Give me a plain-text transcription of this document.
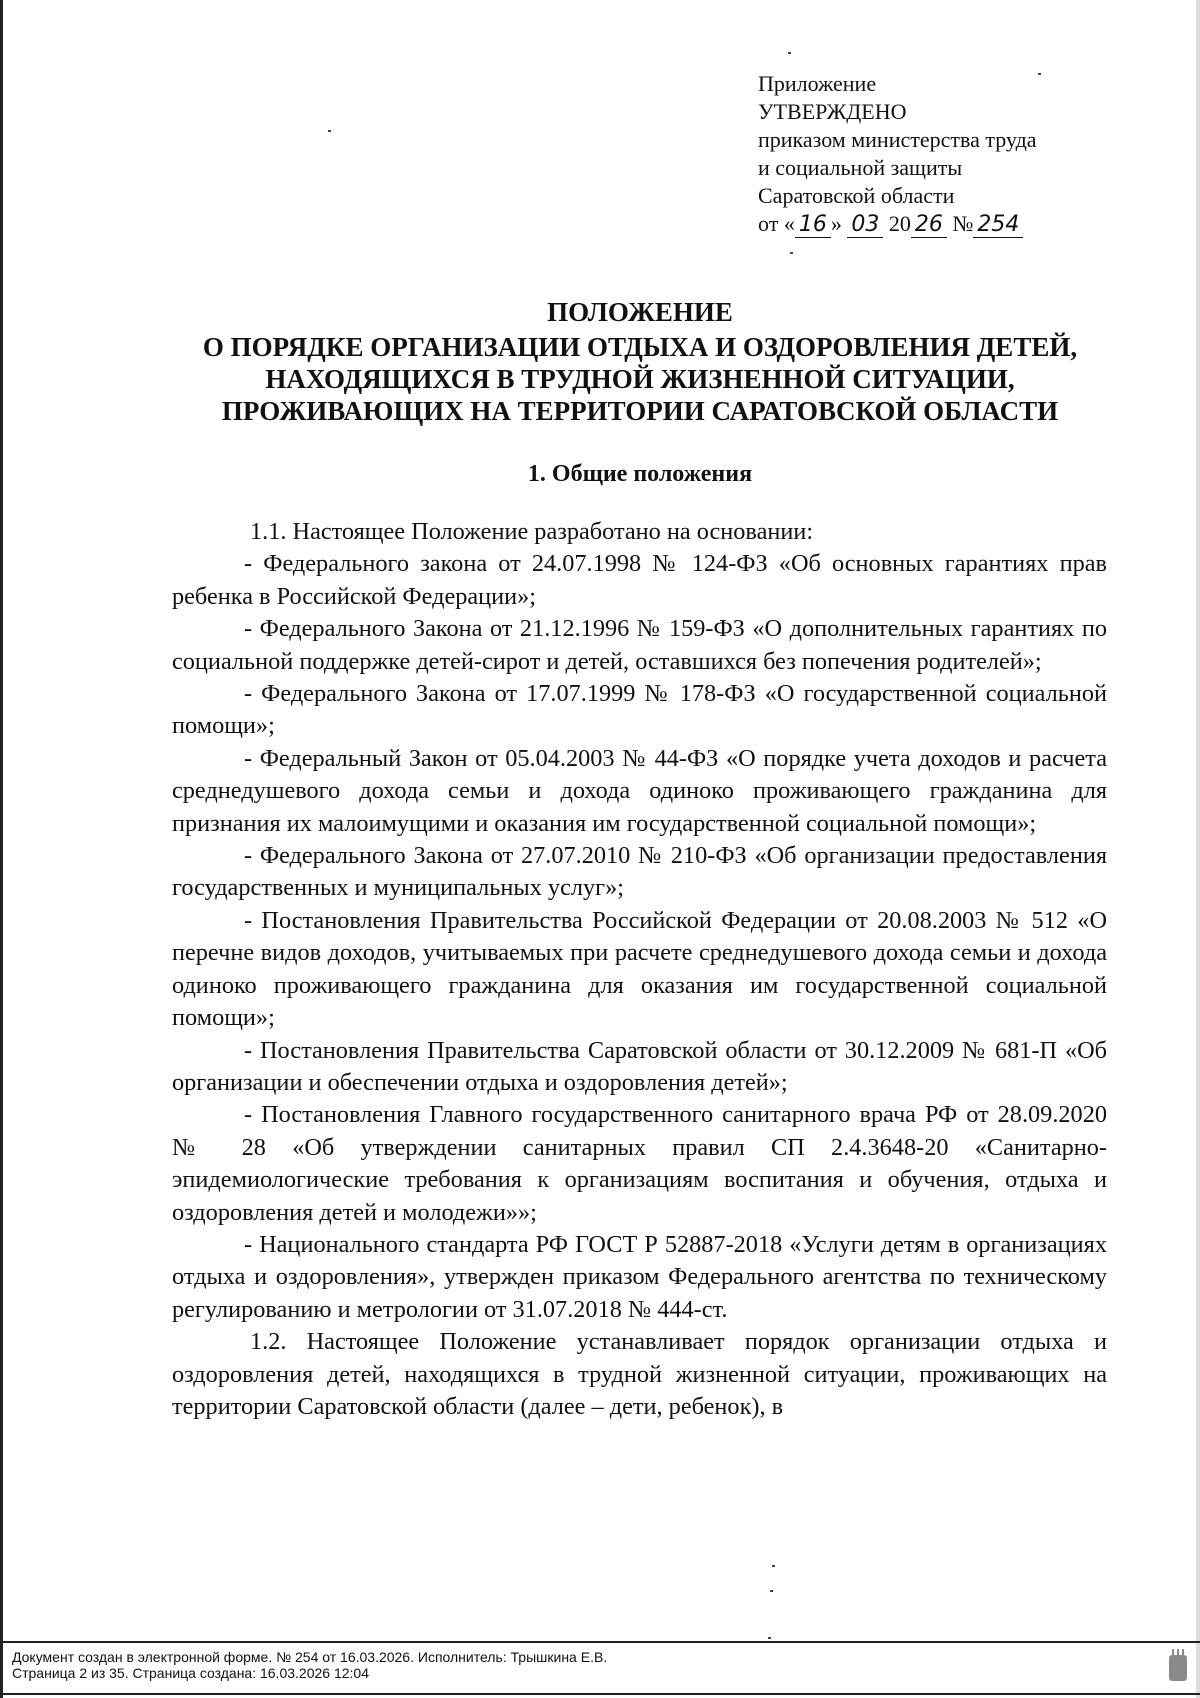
Приложение
УТВЕРЖДЕНО
приказом министерства труда
и социальной защиты
Саратовской области
от « 16 » 03 20 26 № 254
ПОЛОЖЕНИЕ
О ПОРЯДКЕ ОРГАНИЗАЦИИ ОТДЫХА И ОЗДОРОВЛЕНИЯ ДЕТЕЙ,
НАХОДЯЩИХСЯ В ТРУДНОЙ ЖИЗНЕННОЙ СИТУАЦИИ,
ПРОЖИВАЮЩИХ НА ТЕРРИТОРИИ САРАТОВСКОЙ ОБЛАСТИ
1. Общие положения

1.1. Настоящее Положение разработано на основании:

- Федерального закона от 24.07.1998 № 124-ФЗ «Об основных гарантиях прав ребенка в Российской Федерации»;

- Федерального Закона от 21.12.1996 № 159-ФЗ «О дополнительных гарантиях по социальной поддержке детей-сирот и детей, оставшихся без попечения родителей»;

- Федерального Закона от 17.07.1999 № 178-ФЗ «О государственной социальной помощи»;

- Федеральный Закон от 05.04.2003 № 44-ФЗ «О порядке учета доходов и расчета среднедушевого дохода семьи и дохода одиноко проживающего гражданина для признания их малоимущими и оказания им государственной социальной помощи»;

- Федерального Закона от 27.07.2010 № 210-ФЗ «Об организации предоставления государственных и муниципальных услуг»;

- Постановления Правительства Российской Федерации от 20.08.2003 № 512 «О перечне видов доходов, учитываемых при расчете среднедушевого дохода семьи и дохода одиноко проживающего гражданина для оказания им государственной социальной помощи»;

- Постановления Правительства Саратовской области от 30.12.2009 № 681-П «Об организации и обеспечении отдыха и оздоровления детей»;

- Постановления Главного государственного санитарного врача РФ от 28.09.2020 № 28 «Об утверждении санитарных правил СП 2.4.3648-20 «Санитарно-эпидемиологические требования к организациям воспитания и обучения, отдыха и оздоровления детей и молодежи»»;

- Национального стандарта РФ ГОСТ Р 52887-2018 «Услуги детям в организациях отдыха и оздоровления», утвержден приказом Федерального агентства по техническому регулированию и метрологии от 31.07.2018 № 444-ст.

1.2. Настоящее Положение устанавливает порядок организации отдыха и оздоровления детей, находящихся в трудной жизненной ситуации, проживающих на территории Саратовской области (далее – дети, ребенок), в

Документ создан в электронной форме. № 254 от 16.03.2026. Исполнитель: Трышкина Е.В.
Страница 2 из 35. Страница создана: 16.03.2026 12:04
